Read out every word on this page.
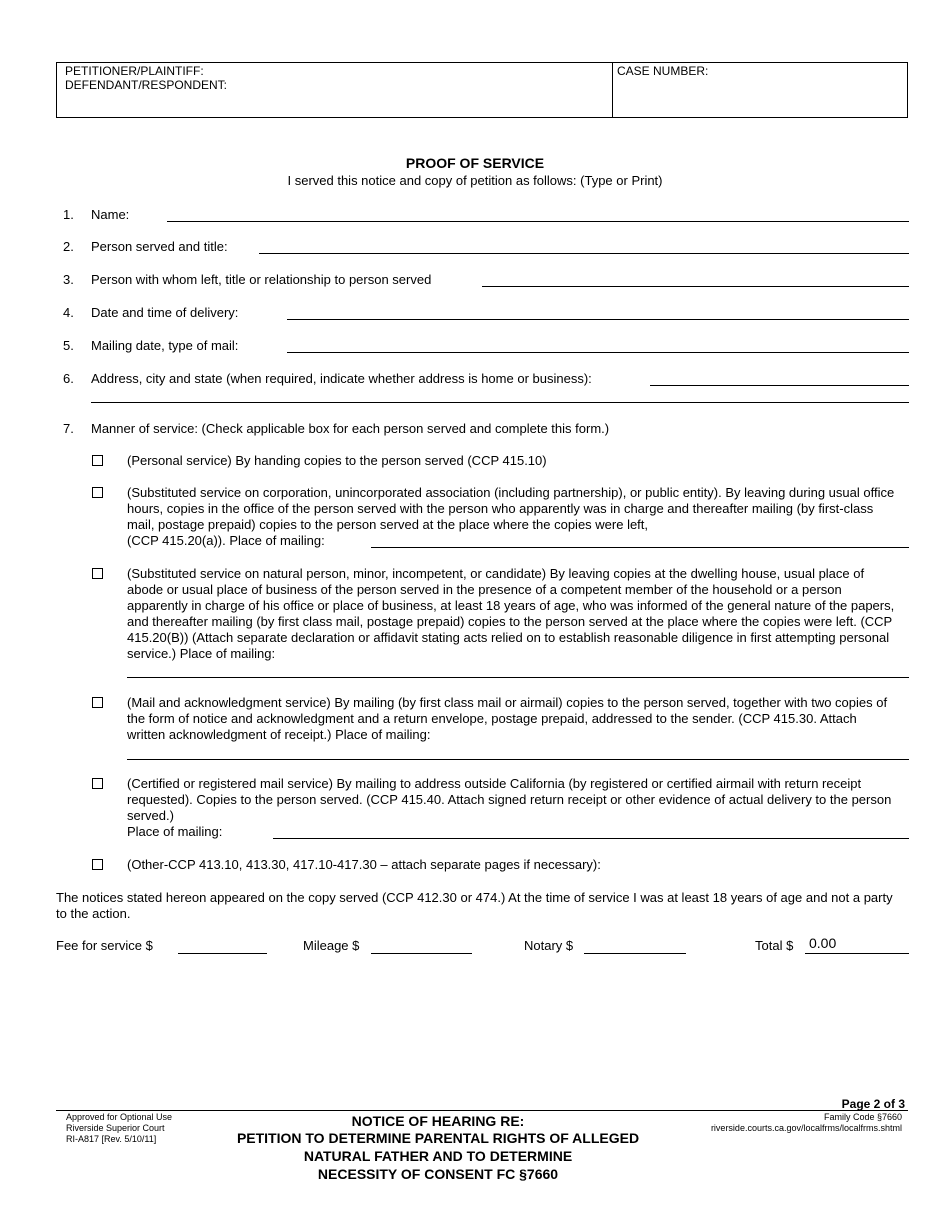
PETITIONER/PLAINTIFF:
DEFENDANT/RESPONDENT:
CASE NUMBER:
PROOF OF SERVICE
I served this notice and copy of petition as follows: (Type or Print)
1. Name:
2. Person served and title:
3. Person with whom left, title or relationship to person served
4. Date and time of delivery:
5. Mailing date, type of mail:
6. Address, city and state (when required, indicate whether address is home or business):
7. Manner of service: (Check applicable box for each person served and complete this form.)
(Personal service) By handing copies to the person served (CCP 415.10)
(Substituted service on corporation, unincorporated association (including partnership), or public entity). By leaving during usual office hours, copies in the office of the person served with the person who apparently was in charge and thereafter mailing (by first-class mail, postage prepaid) copies to the person served at the place where the copies were left,
(CCP 415.20(a)). Place of mailing:
(Substituted service on natural person, minor, incompetent, or candidate) By leaving copies at the dwelling house, usual place of abode or usual place of business of the person served in the presence of a competent member of the household or a person apparently in charge of his office or place of business, at least 18 years of age, who was informed of the general nature of the papers, and thereafter mailing (by first class mail, postage prepaid) copies to the person served at the place where the copies were left. (CCP 415.20(B)) (Attach separate declaration or affidavit stating acts relied on to establish reasonable diligence in first attempting personal service.) Place of mailing:
(Mail and acknowledgment service) By mailing (by first class mail or airmail) copies to the person served, together with two copies of the form of notice and acknowledgment and a return envelope, postage prepaid, addressed to the sender. (CCP 415.30. Attach written acknowledgment of receipt.) Place of mailing:
(Certified or registered mail service) By mailing to address outside California (by registered or certified airmail with return receipt requested). Copies to the person served. (CCP 415.40. Attach signed return receipt or other evidence of actual delivery to the person served.)
Place of mailing:
(Other-CCP 413.10, 413.30, 417.10-417.30 – attach separate pages if necessary):
The notices stated hereon appeared on the copy served (CCP 412.30 or 474.) At the time of service I was at least 18 years of age and not a party to the action.
Fee for service $	Mileage $	Notary $	Total $ 0.00
Page 2 of 3
Approved for Optional Use
Riverside Superior Court
RI-A817 [Rev. 5/10/11]
NOTICE OF HEARING RE:
PETITION TO DETERMINE PARENTAL RIGHTS OF ALLEGED
NATURAL FATHER AND TO DETERMINE
NECESSITY OF CONSENT FC §7660
Family Code §7660
riverside.courts.ca.gov/localfrms/localfrms.shtml
